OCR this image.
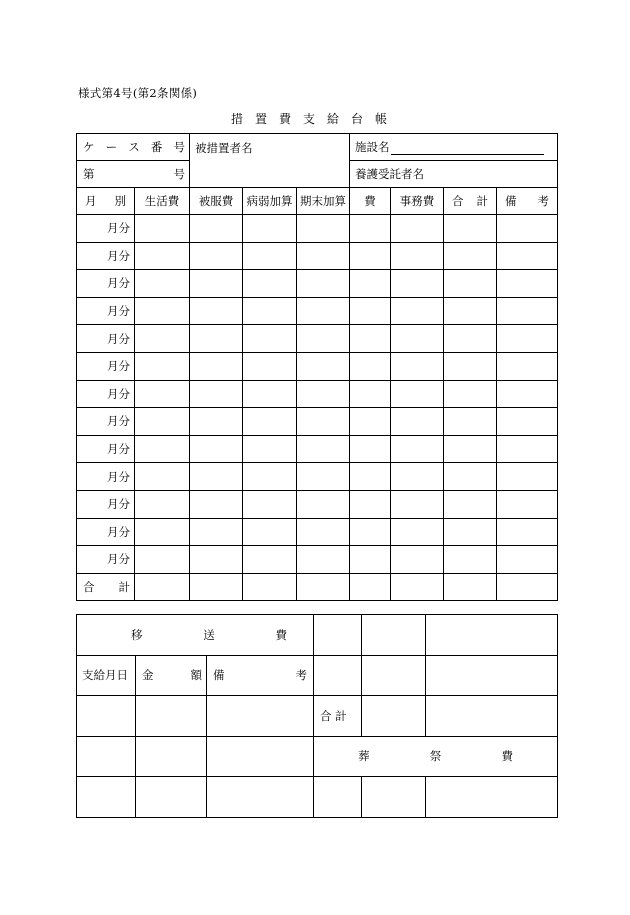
様式第4号(第2条関係)
措置費支給台帳
ケ ー ス 番 号		被措置者名			施設名			

第 号					養護受託者名			

月 別	生活費	被服費	病弱加算	期末加算	費	事務費	合 計	備 考

月分								
月分								
月分								
月分								
月分								
月分								
月分								
月分								
月分								
月分								
月分								
月分								
月分								

合 計								

移 送 費					

支給月日	金 額	備 考			

			合 計		

			葬 祭 費		
